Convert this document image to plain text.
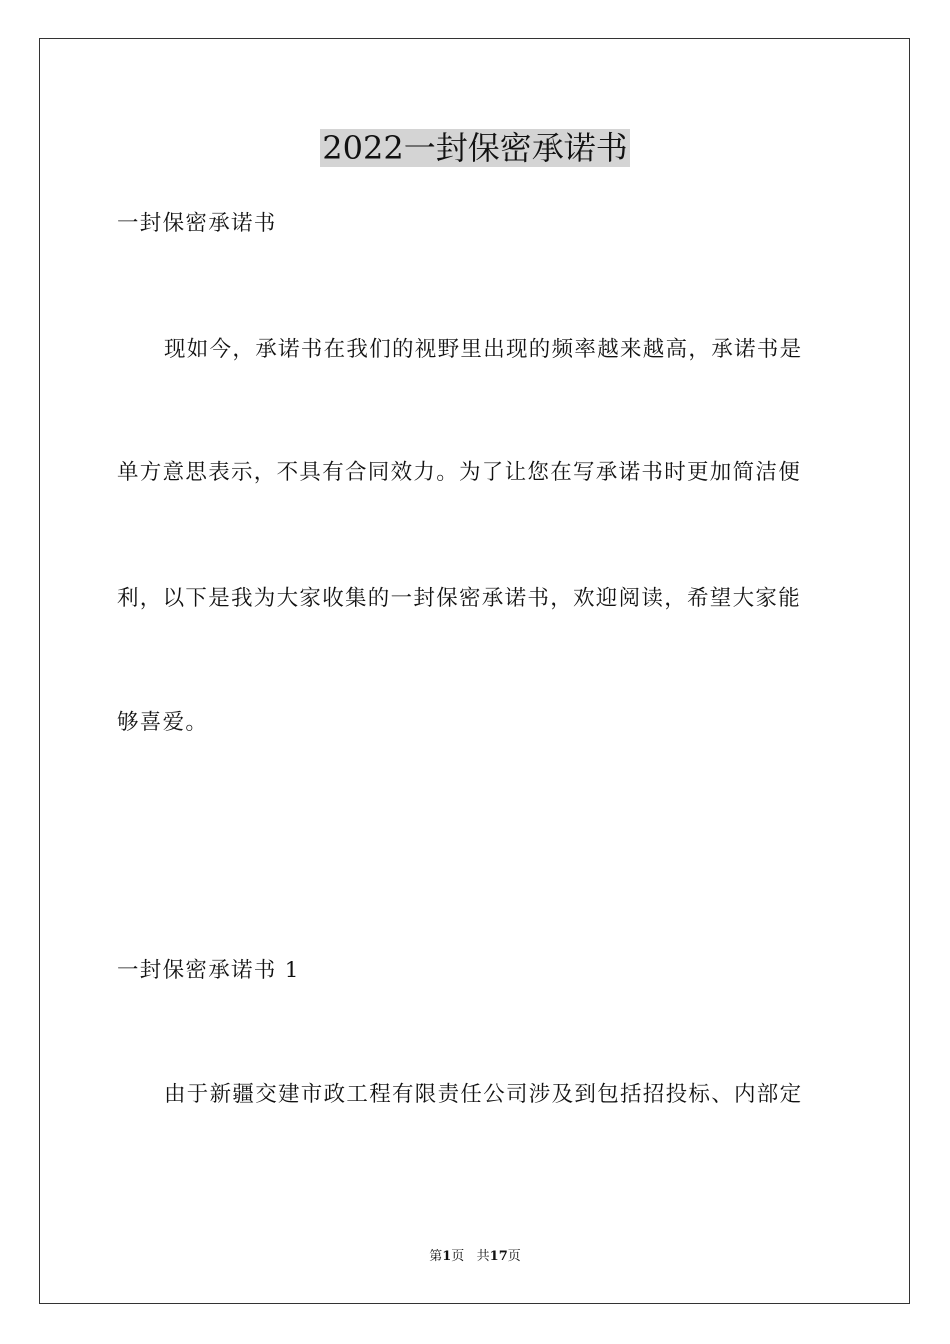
2022一封保密承诺书
一封保密承诺书
现如今，承诺书在我们的视野里出现的频率越来越高，承诺书是
单方意思表示，不具有合同效力。为了让您在写承诺书时更加简洁便
利，以下是我为大家收集的一封保密承诺书，欢迎阅读，希望大家能
够喜爱。
一封保密承诺书 1
由于新疆交建市政工程有限责任公司涉及到包括招投标、内部定
第1页   共17页
